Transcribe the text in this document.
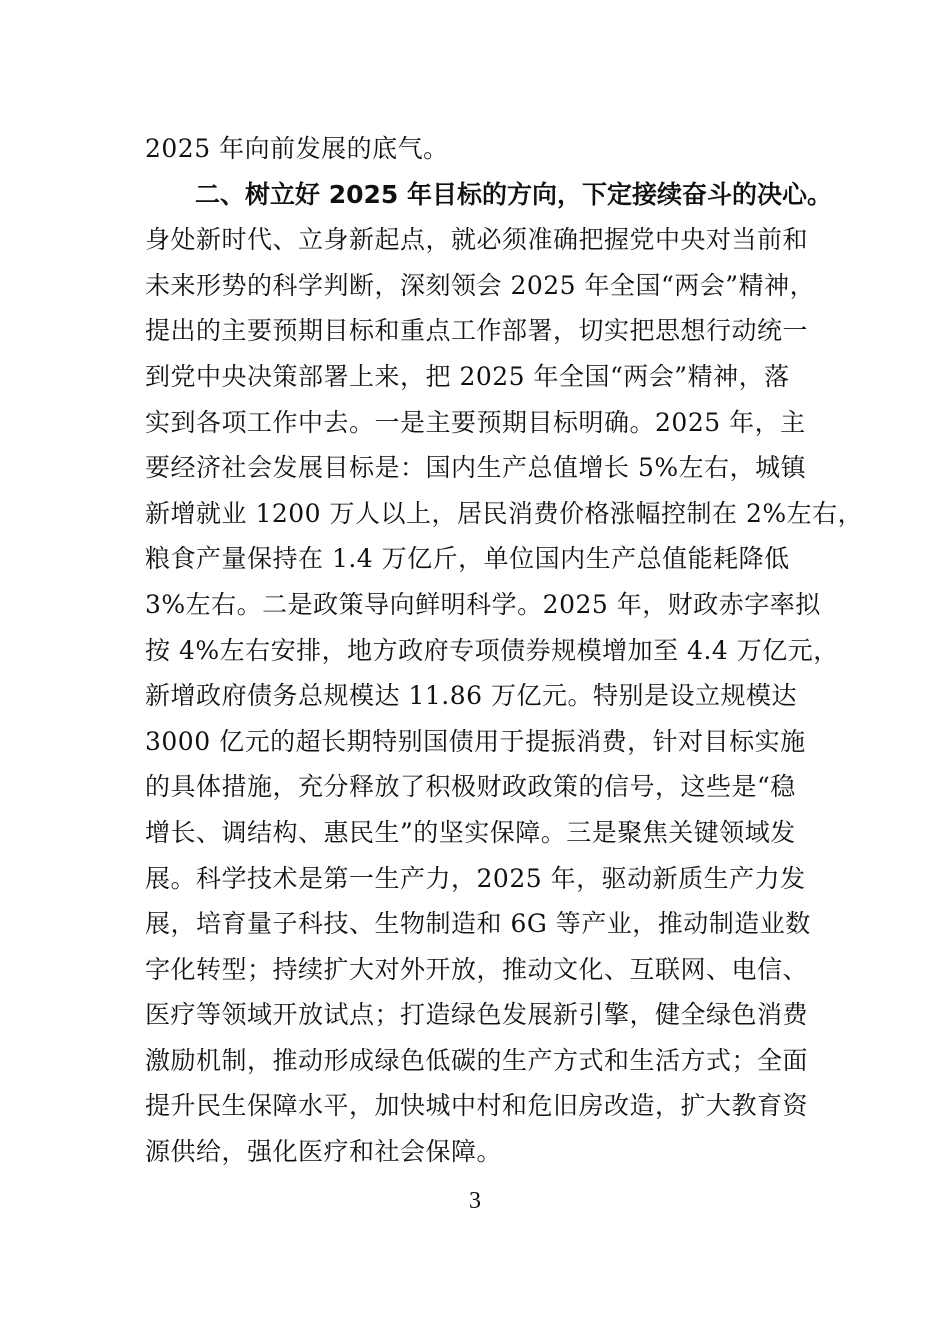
2025 年向前发展的底气。
二、树立好 2025 年目标的方向，下定接续奋斗的决心。
身处新时代、立身新起点，就必须准确把握党中央对当前和
未来形势的科学判断，深刻领会 2025 年全国“两会”精神，
提出的主要预期目标和重点工作部署，切实把思想行动统一
到党中央决策部署上来，把 2025 年全国“两会”精神，落
实到各项工作中去。一是主要预期目标明确。2025 年，主
要经济社会发展目标是：国内生产总值增长 5%左右，城镇
新增就业 1200 万人以上，居民消费价格涨幅控制在 2%左右，
粮食产量保持在 1.4 万亿斤，单位国内生产总值能耗降低
3%左右。二是政策导向鲜明科学。2025 年，财政赤字率拟
按 4%左右安排，地方政府专项债券规模增加至 4.4 万亿元，
新增政府债务总规模达 11.86 万亿元。特别是设立规模达
3000 亿元的超长期特别国债用于提振消费，针对目标实施
的具体措施，充分释放了积极财政政策的信号，这些是“稳
增长、调结构、惠民生”的坚实保障。三是聚焦关键领域发
展。科学技术是第一生产力，2025 年，驱动新质生产力发
展，培育量子科技、生物制造和 6G 等产业，推动制造业数
字化转型；持续扩大对外开放，推动文化、互联网、电信、
医疗等领域开放试点；打造绿色发展新引擎，健全绿色消费
激励机制，推动形成绿色低碳的生产方式和生活方式；全面
提升民生保障水平，加快城中村和危旧房改造，扩大教育资
源供给，强化医疗和社会保障。
3
